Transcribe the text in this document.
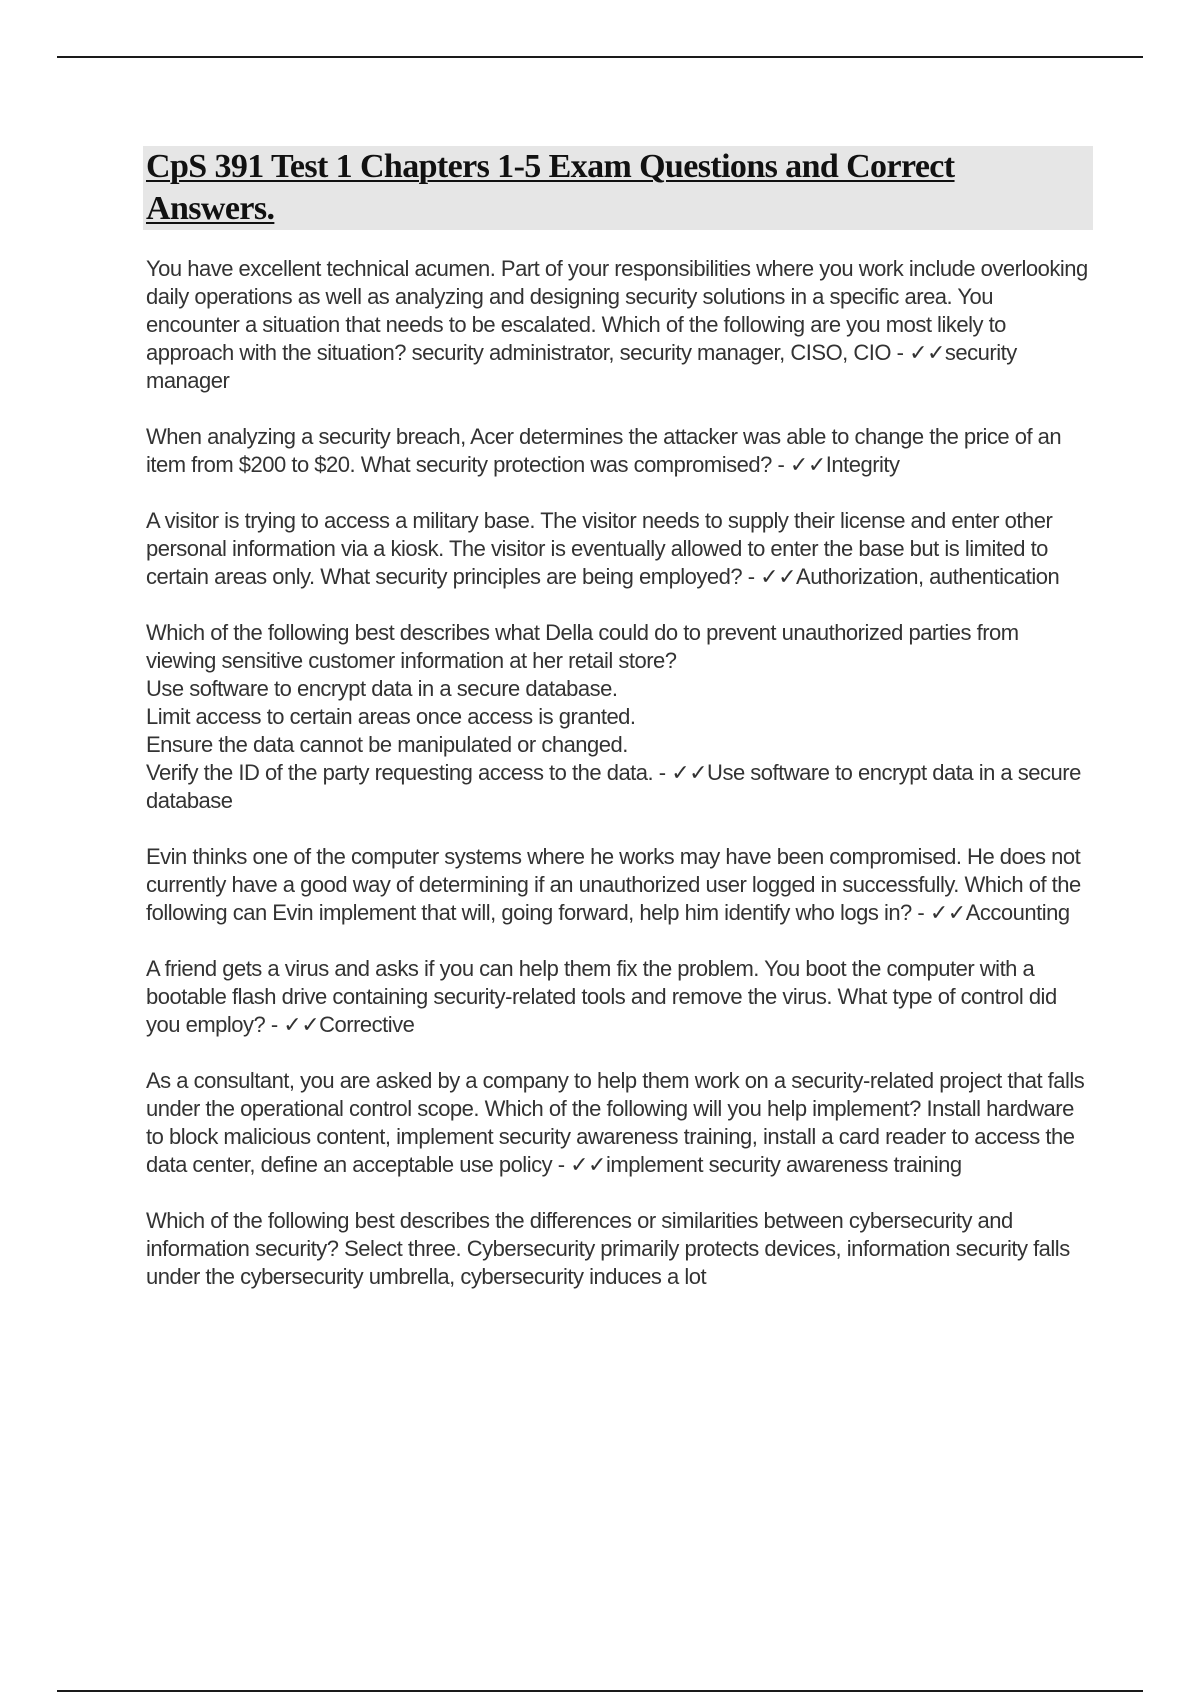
CpS 391 Test 1 Chapters 1-5 Exam Questions and Correct Answers.

You have excellent technical acumen. Part of your responsibilities where you work include overlooking daily operations as well as analyzing and designing security solutions in a specific area. You encounter a situation that needs to be escalated. Which of the following are you most likely to approach with the situation? security administrator, security manager, CISO, CIO - ✓✓security manager

When analyzing a security breach, Acer determines the attacker was able to change the price of an item from $200 to $20. What security protection was compromised? - ✓✓Integrity

A visitor is trying to access a military base. The visitor needs to supply their license and enter other personal information via a kiosk. The visitor is eventually allowed to enter the base but is limited to certain areas only. What security principles are being employed? - ✓✓Authorization, authentication

Which of the following best describes what Della could do to prevent unauthorized parties from viewing sensitive customer information at her retail store?
Use software to encrypt data in a secure database.
Limit access to certain areas once access is granted.
Ensure the data cannot be manipulated or changed.
Verify the ID of the party requesting access to the data. - ✓✓Use software to encrypt data in a secure database

Evin thinks one of the computer systems where he works may have been compromised. He does not currently have a good way of determining if an unauthorized user logged in successfully. Which of the following can Evin implement that will, going forward, help him identify who logs in? - ✓✓Accounting

A friend gets a virus and asks if you can help them fix the problem. You boot the computer with a bootable flash drive containing security-related tools and remove the virus. What type of control did you employ? - ✓✓Corrective

As a consultant, you are asked by a company to help them work on a security-related project that falls under the operational control scope. Which of the following will you help implement? Install hardware to block malicious content, implement security awareness training, install a card reader to access the data center, define an acceptable use policy - ✓✓implement security awareness training

Which of the following best describes the differences or similarities between cybersecurity and information security? Select three. Cybersecurity primarily protects devices, information security falls under the cybersecurity umbrella, cybersecurity induces a lot
